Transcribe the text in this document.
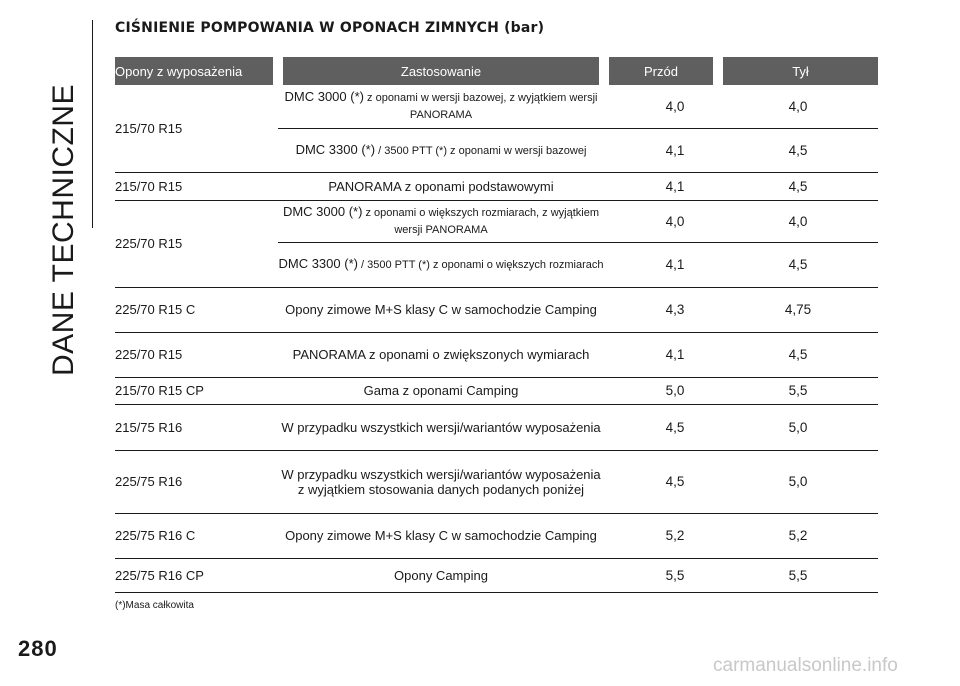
DANE TECHNICZNE
280
CIŚNIENIE POMPOWANIA W OPONACH ZIMNYCH (bar)
Opony z wyposażenia	Zastosowanie	Przód	Tył
215/70 R15	DMC 3000 (*) z oponami w wersji bazowej, z wyjątkiem wersji PANORAMA	4,0	4,0
	DMC 3300 (*) / 3500 PTT (*) z oponami w wersji bazowej	4,1	4,5
215/70 R15	PANORAMA z oponami podstawowymi	4,1	4,5
225/70 R15	DMC 3000 (*) z oponami o większych rozmiarach, z wyjątkiem wersji PANORAMA	4,0	4,0
	DMC 3300 (*) / 3500 PTT (*) z oponami o większych rozmiarach	4,1	4,5
225/70 R15 C	Opony zimowe M+S klasy C w samochodzie Camping	4,3	4,75
225/70 R15	PANORAMA z oponami o zwiększonych wymiarach	4,1	4,5
215/70 R15 CP	Gama z oponami Camping	5,0	5,5
215/75 R16	W przypadku wszystkich wersji/wariantów wyposażenia	4,5	5,0
225/75 R16	W przypadku wszystkich wersji/wariantów wyposażenia z wyjątkiem stosowania danych podanych poniżej	4,5	5,0
225/75 R16 C	Opony zimowe M+S klasy C w samochodzie Camping	5,2	5,2
225/75 R16 CP	Opony Camping	5,5	5,5
(*)Masa całkowita
carmanualsonline.info
